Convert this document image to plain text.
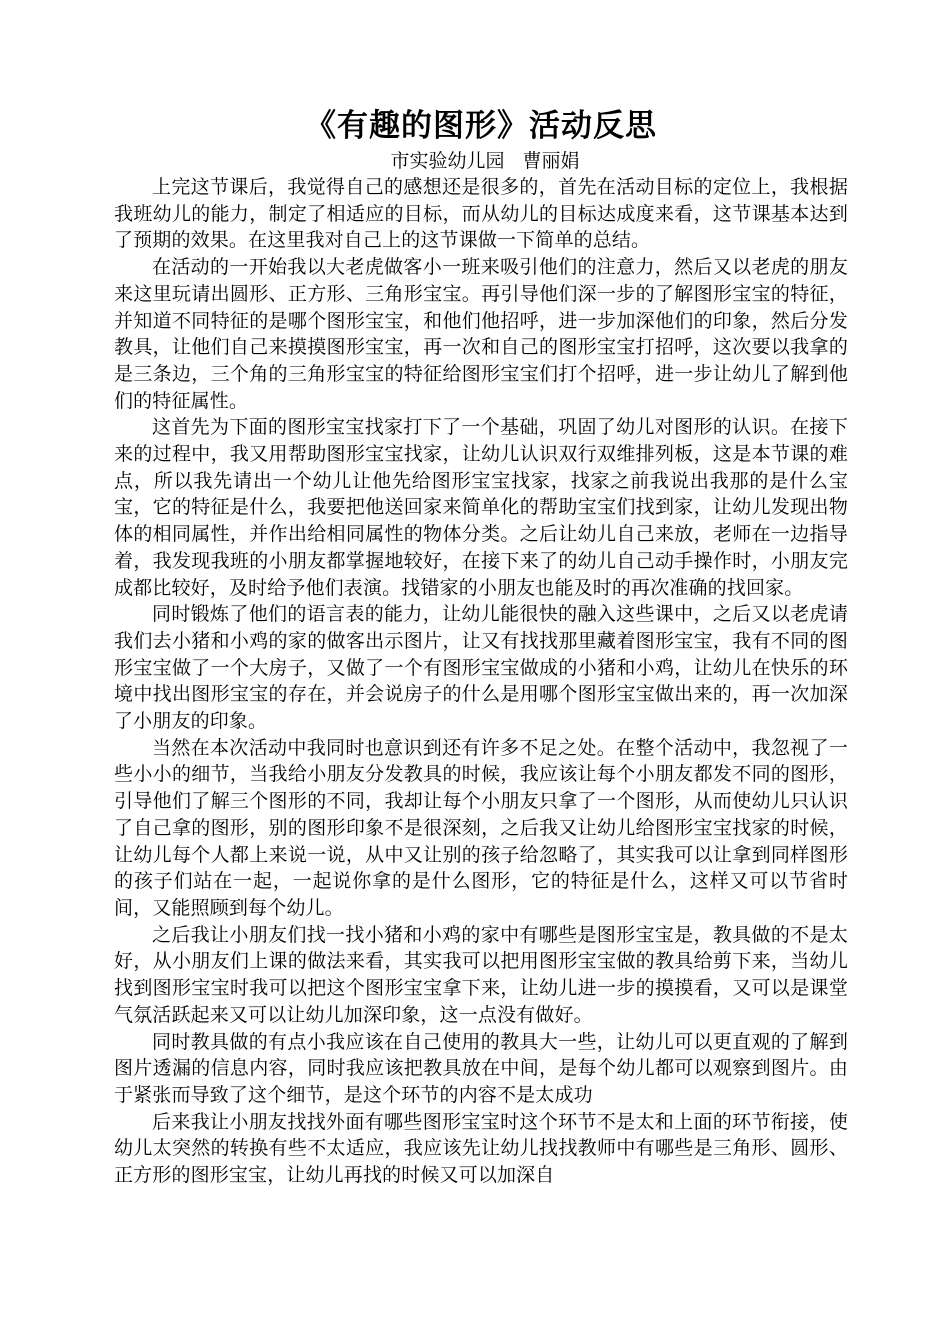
《有趣的图形》活动反思
市实验幼儿园   曹丽娟

上完这节课后，我觉得自己的感想还是很多的，首先在活动目标的定位上，我根据我班幼儿的能力，制定了相适应的目标，而从幼儿的目标达成度来看，这节课基本达到了预期的效果。在这里我对自己上的这节课做一下简单的总结。

在活动的一开始我以大老虎做客小一班来吸引他们的注意力，然后又以老虎的朋友来这里玩请出圆形、正方形、三角形宝宝。再引导他们深一步的了解图形宝宝的特征，并知道不同特征的是哪个图形宝宝，和他们他招呼，进一步加深他们的印象，然后分发教具，让他们自己来摸摸图形宝宝，再一次和自己的图形宝宝打招呼，这次要以我拿的是三条边，三个角的三角形宝宝的特征给图形宝宝们打个招呼，进一步让幼儿了解到他们的特征属性。

这首先为下面的图形宝宝找家打下了一个基础，巩固了幼儿对图形的认识。在接下来的过程中，我又用帮助图形宝宝找家，让幼儿认识双行双维排列板，这是本节课的难点，所以我先请出一个幼儿让他先给图形宝宝找家，找家之前我说出我那的是什么宝宝，它的特征是什么，我要把他送回家来简单化的帮助宝宝们找到家，让幼儿发现出物体的相同属性，并作出给相同属性的物体分类。之后让幼儿自己来放，老师在一边指导着，我发现我班的小朋友都掌握地较好，在接下来了的幼儿自己动手操作时，小朋友完成都比较好，及时给予他们表演。找错家的小朋友也能及时的再次准确的找回家。

同时锻炼了他们的语言表的能力，让幼儿能很快的融入这些课中，之后又以老虎请我们去小猪和小鸡的家的做客出示图片，让又有找找那里藏着图形宝宝，我有不同的图形宝宝做了一个大房子，又做了一个有图形宝宝做成的小猪和小鸡，让幼儿在快乐的环境中找出图形宝宝的存在，并会说房子的什么是用哪个图形宝宝做出来的，再一次加深了小朋友的印象。

当然在本次活动中我同时也意识到还有许多不足之处。在整个活动中，我忽视了一些小小的细节，当我给小朋友分发教具的时候，我应该让每个小朋友都发不同的图形，引导他们了解三个图形的不同，我却让每个小朋友只拿了一个图形，从而使幼儿只认识了自己拿的图形，别的图形印象不是很深刻，之后我又让幼儿给图形宝宝找家的时候，让幼儿每个人都上来说一说，从中又让别的孩子给忽略了，其实我可以让拿到同样图形的孩子们站在一起，一起说你拿的是什么图形，它的特征是什么，这样又可以节省时间，又能照顾到每个幼儿。

之后我让小朋友们找一找小猪和小鸡的家中有哪些是图形宝宝是，教具做的不是太好，从小朋友们上课的做法来看，其实我可以把用图形宝宝做的教具给剪下来，当幼儿找到图形宝宝时我可以把这个图形宝宝拿下来，让幼儿进一步的摸摸看，又可以是课堂气氛活跃起来又可以让幼儿加深印象，这一点没有做好。

同时教具做的有点小我应该在自己使用的教具大一些，让幼儿可以更直观的了解到图片透漏的信息内容，同时我应该把教具放在中间，是每个幼儿都可以观察到图片。由于紧张而导致了这个细节，是这个环节的内容不是太成功

后来我让小朋友找找外面有哪些图形宝宝时这个环节不是太和上面的环节衔接，使幼儿太突然的转换有些不太适应，我应该先让幼儿找找教师中有哪些是三角形、圆形、正方形的图形宝宝，让幼儿再找的时候又可以加深自
